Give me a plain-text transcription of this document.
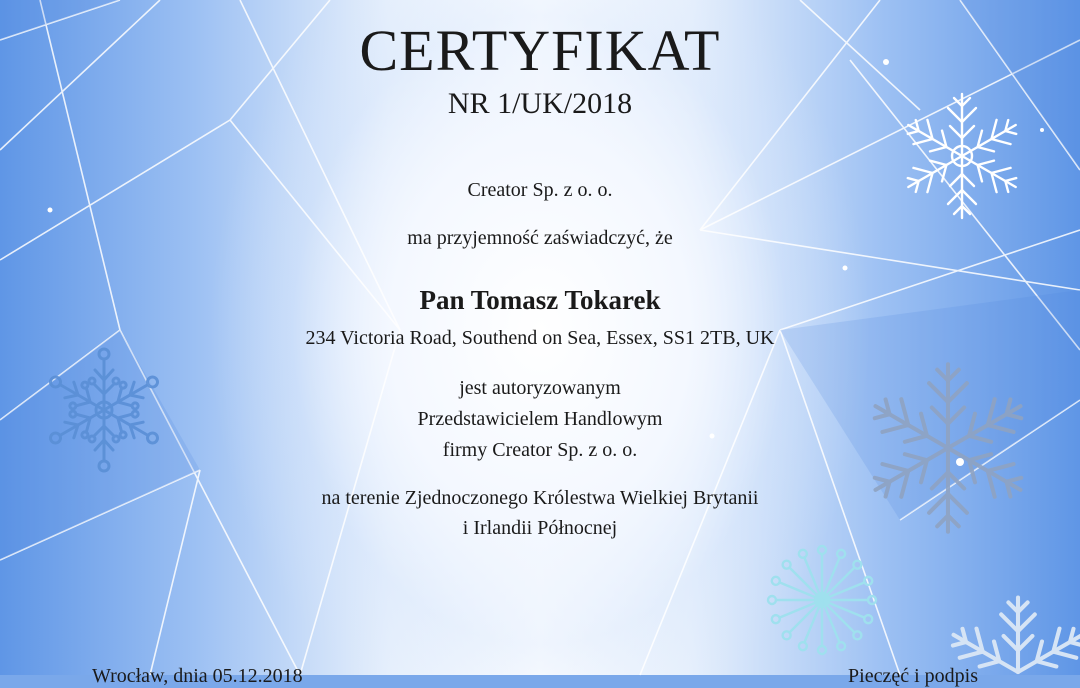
CERTYFIKAT
NR 1/UK/2018
Creator Sp. z o. o.
ma przyjemność zaświadczyć, że
Pan Tomasz Tokarek
234 Victoria Road, Southend on Sea, Essex, SS1 2TB, UK
jest autoryzowanym
Przedstawicielem Handlowym
firmy Creator Sp. z o. o.
na terenie Zjednoczonego Królestwa Wielkiej Brytanii
i Irlandii Północnej
Wrocław, dnia 05.12.2018	Pieczęć i podpis
